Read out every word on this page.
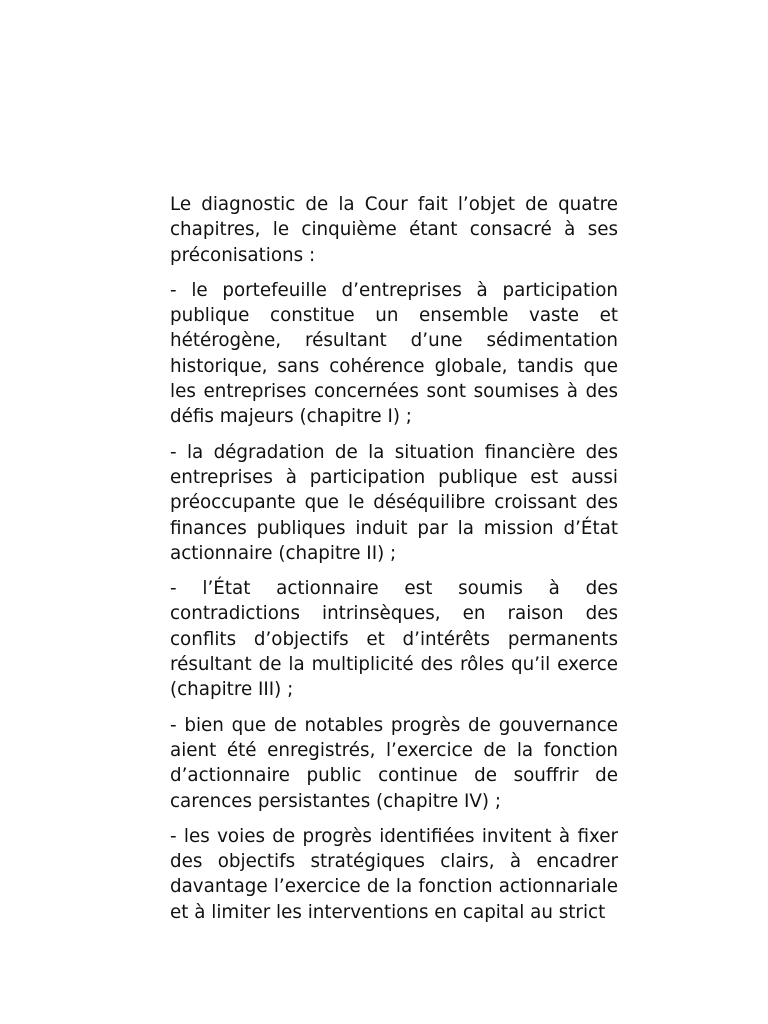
Le diagnostic de la Cour fait l’objet de quatre chapitres, le cinquième étant consacré à ses préconisations :

- le portefeuille d’entreprises à participation publique constitue un ensemble vaste et hétérogène, résultant d’une sédimentation historique, sans cohérence globale, tandis que les entreprises concernées sont soumises à des défis majeurs (chapitre I) ;

- la dégradation de la situation financière des entreprises à participation publique est aussi préoccupante que le déséquilibre croissant des finances publiques induit par la mission d’État actionnaire (chapitre II) ;

- l’État actionnaire est soumis à des contradictions intrinsèques, en raison des conflits d’objectifs et d’intérêts permanents résultant de la multiplicité des rôles qu’il exerce (chapitre III) ;

- bien que de notables progrès de gouvernance aient été enregistrés, l’exercice de la fonction d’actionnaire public continue de souffrir de carences persistantes (chapitre IV) ;

- les voies de progrès identifiées invitent à fixer des objectifs stratégiques clairs, à encadrer davantage l’exercice de la fonction actionnariale et à limiter les interventions en capital au strict
